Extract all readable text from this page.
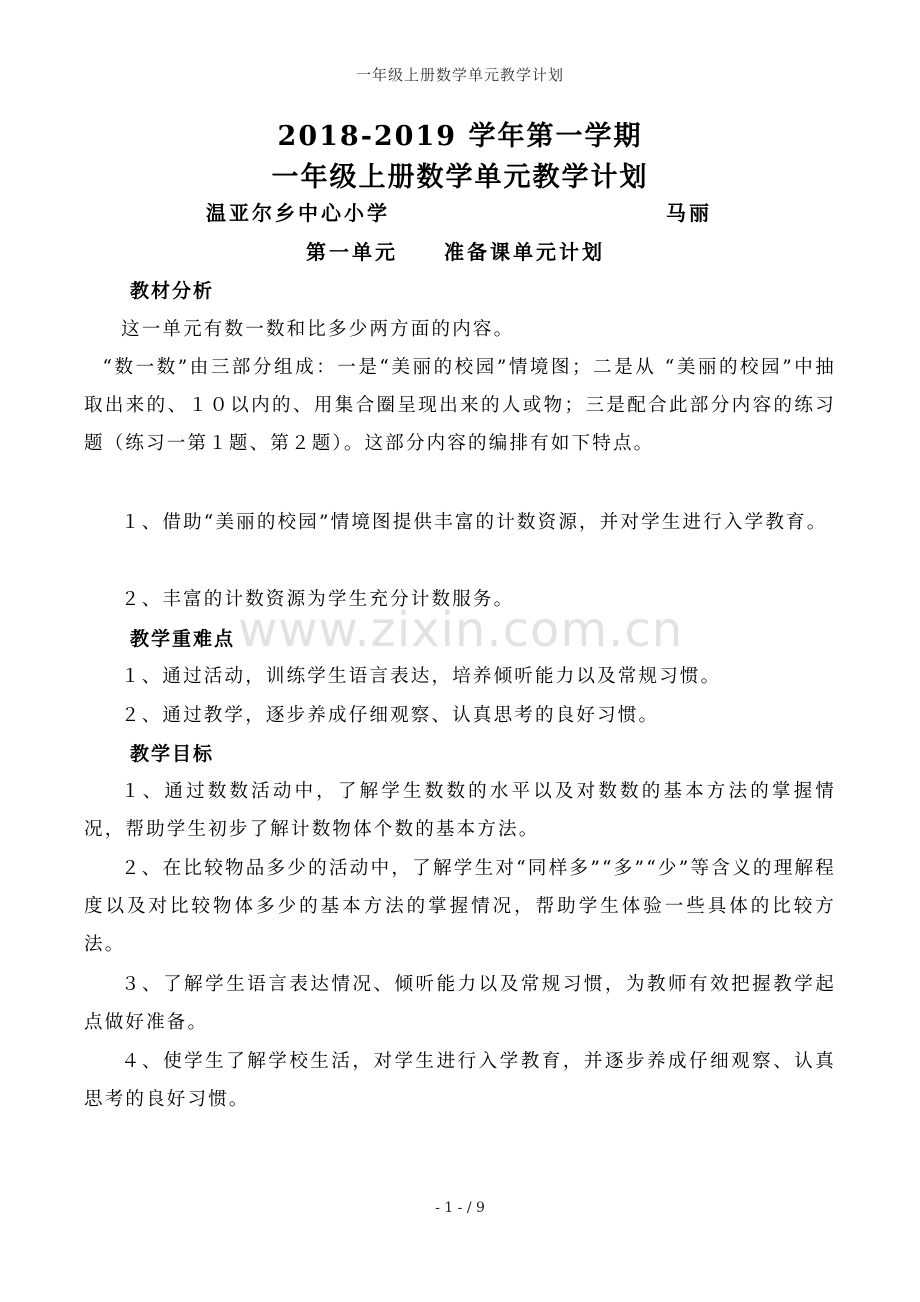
一年级上册数学单元教学计划
2018-2019 学年第一学期
一年级上册数学单元教学计划
温亚尔乡中心小学	马丽
第一单元 准备课单元计划
教材分析

这一单元有数一数和比多少两方面的内容。

“数一数”由三部分组成：一是“美丽的校园”情境图；二是从 “美丽的校园”中抽取出来的、１０以内的、用集合圈呈现出来的人或物；三是配合此部分内容的练习题（练习一第１题、第２题）。这部分内容的编排有如下特点。

１、借助“美丽的校园”情境图提供丰富的计数资源，并对学生进行入学教育。

２、丰富的计数资源为学生充分计数服务。

教学重难点

１、通过活动，训练学生语言表达，培养倾听能力以及常规习惯。

２、通过教学，逐步养成仔细观察、认真思考的良好习惯。

教学目标

１、通过数数活动中，了解学生数数的水平以及对数数的基本方法的掌握情况，帮助学生初步了解计数物体个数的基本方法。

２、在比较物品多少的活动中，了解学生对“同样多”“多”“少”等含义的理解程度以及对比较物体多少的基本方法的掌握情况，帮助学生体验一些具体的比较方法。

３、了解学生语言表达情况、倾听能力以及常规习惯，为教师有效把握教学起点做好准备。

４、使学生了解学校生活，对学生进行入学教育，并逐步养成仔细观察、认真思考的良好习惯。

www.zixin.com.cn
- 1 - / 9
